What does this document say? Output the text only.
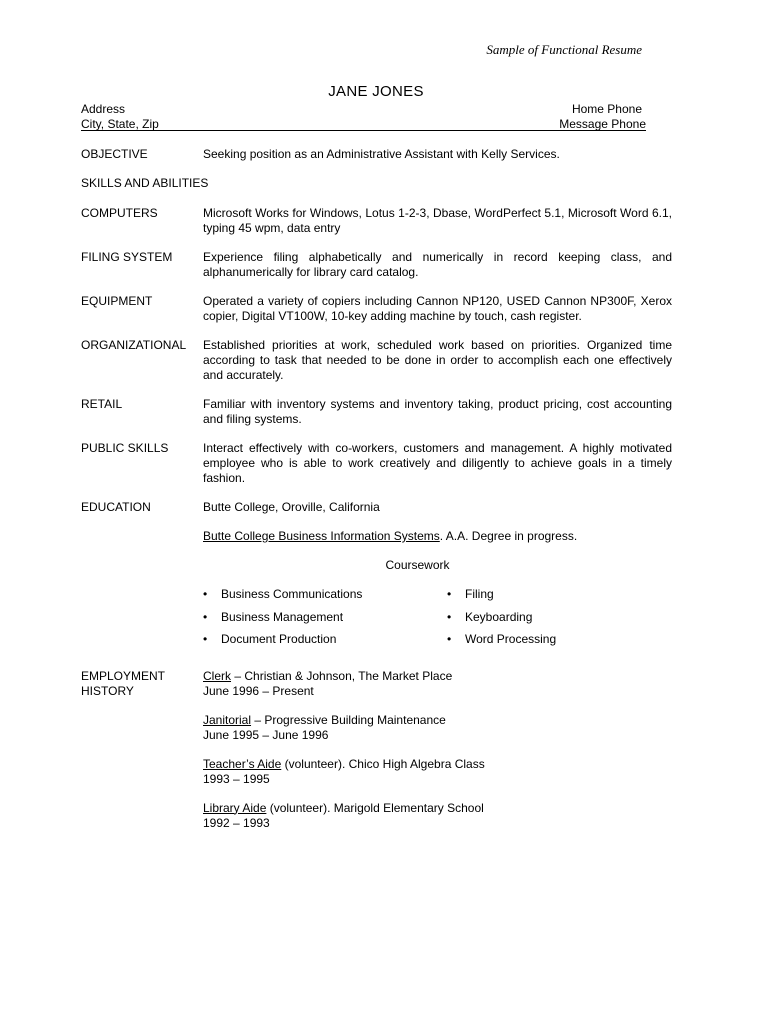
Sample of Functional Resume
JANE JONES
Address	Home Phone
City, State, Zip	Message Phone
OBJECTIVE	Seeking position as an Administrative Assistant with Kelly Services.
SKILLS AND ABILITIES
COMPUTERS	Microsoft Works for Windows, Lotus 1-2-3, Dbase, WordPerfect 5.1, Microsoft Word 6.1, typing 45 wpm, data entry
FILING SYSTEM	Experience filing alphabetically and numerically in record keeping class, and alphanumerically for library card catalog.
EQUIPMENT	Operated a variety of copiers including Cannon NP120, USED Cannon NP300F, Xerox copier, Digital VT100W, 10-key adding machine by touch, cash register.
ORGANIZATIONAL	Established priorities at work, scheduled work based on priorities. Organized time according to task that needed to be done in order to accomplish each one effectively and accurately.
RETAIL	Familiar with inventory systems and inventory taking, product pricing, cost accounting and filing systems.
PUBLIC SKILLS	Interact effectively with co-workers, customers and management. A highly motivated employee who is able to work creatively and diligently to achieve goals in a timely fashion.
EDUCATION	Butte College, Oroville, California
Butte College Business Information Systems. A.A. Degree in progress.
Coursework
•	Business Communications
•	Business Management
•	Document Production
•	Filing
•	Keyboarding
•	Word Processing
EMPLOYMENT
HISTORY
Clerk – Christian & Johnson, The Market Place
June 1996 – Present
Janitorial – Progressive Building Maintenance
June 1995 – June 1996
Teacher’s Aide (volunteer). Chico High Algebra Class
1993 – 1995
Library Aide (volunteer). Marigold Elementary School
1992 – 1993
